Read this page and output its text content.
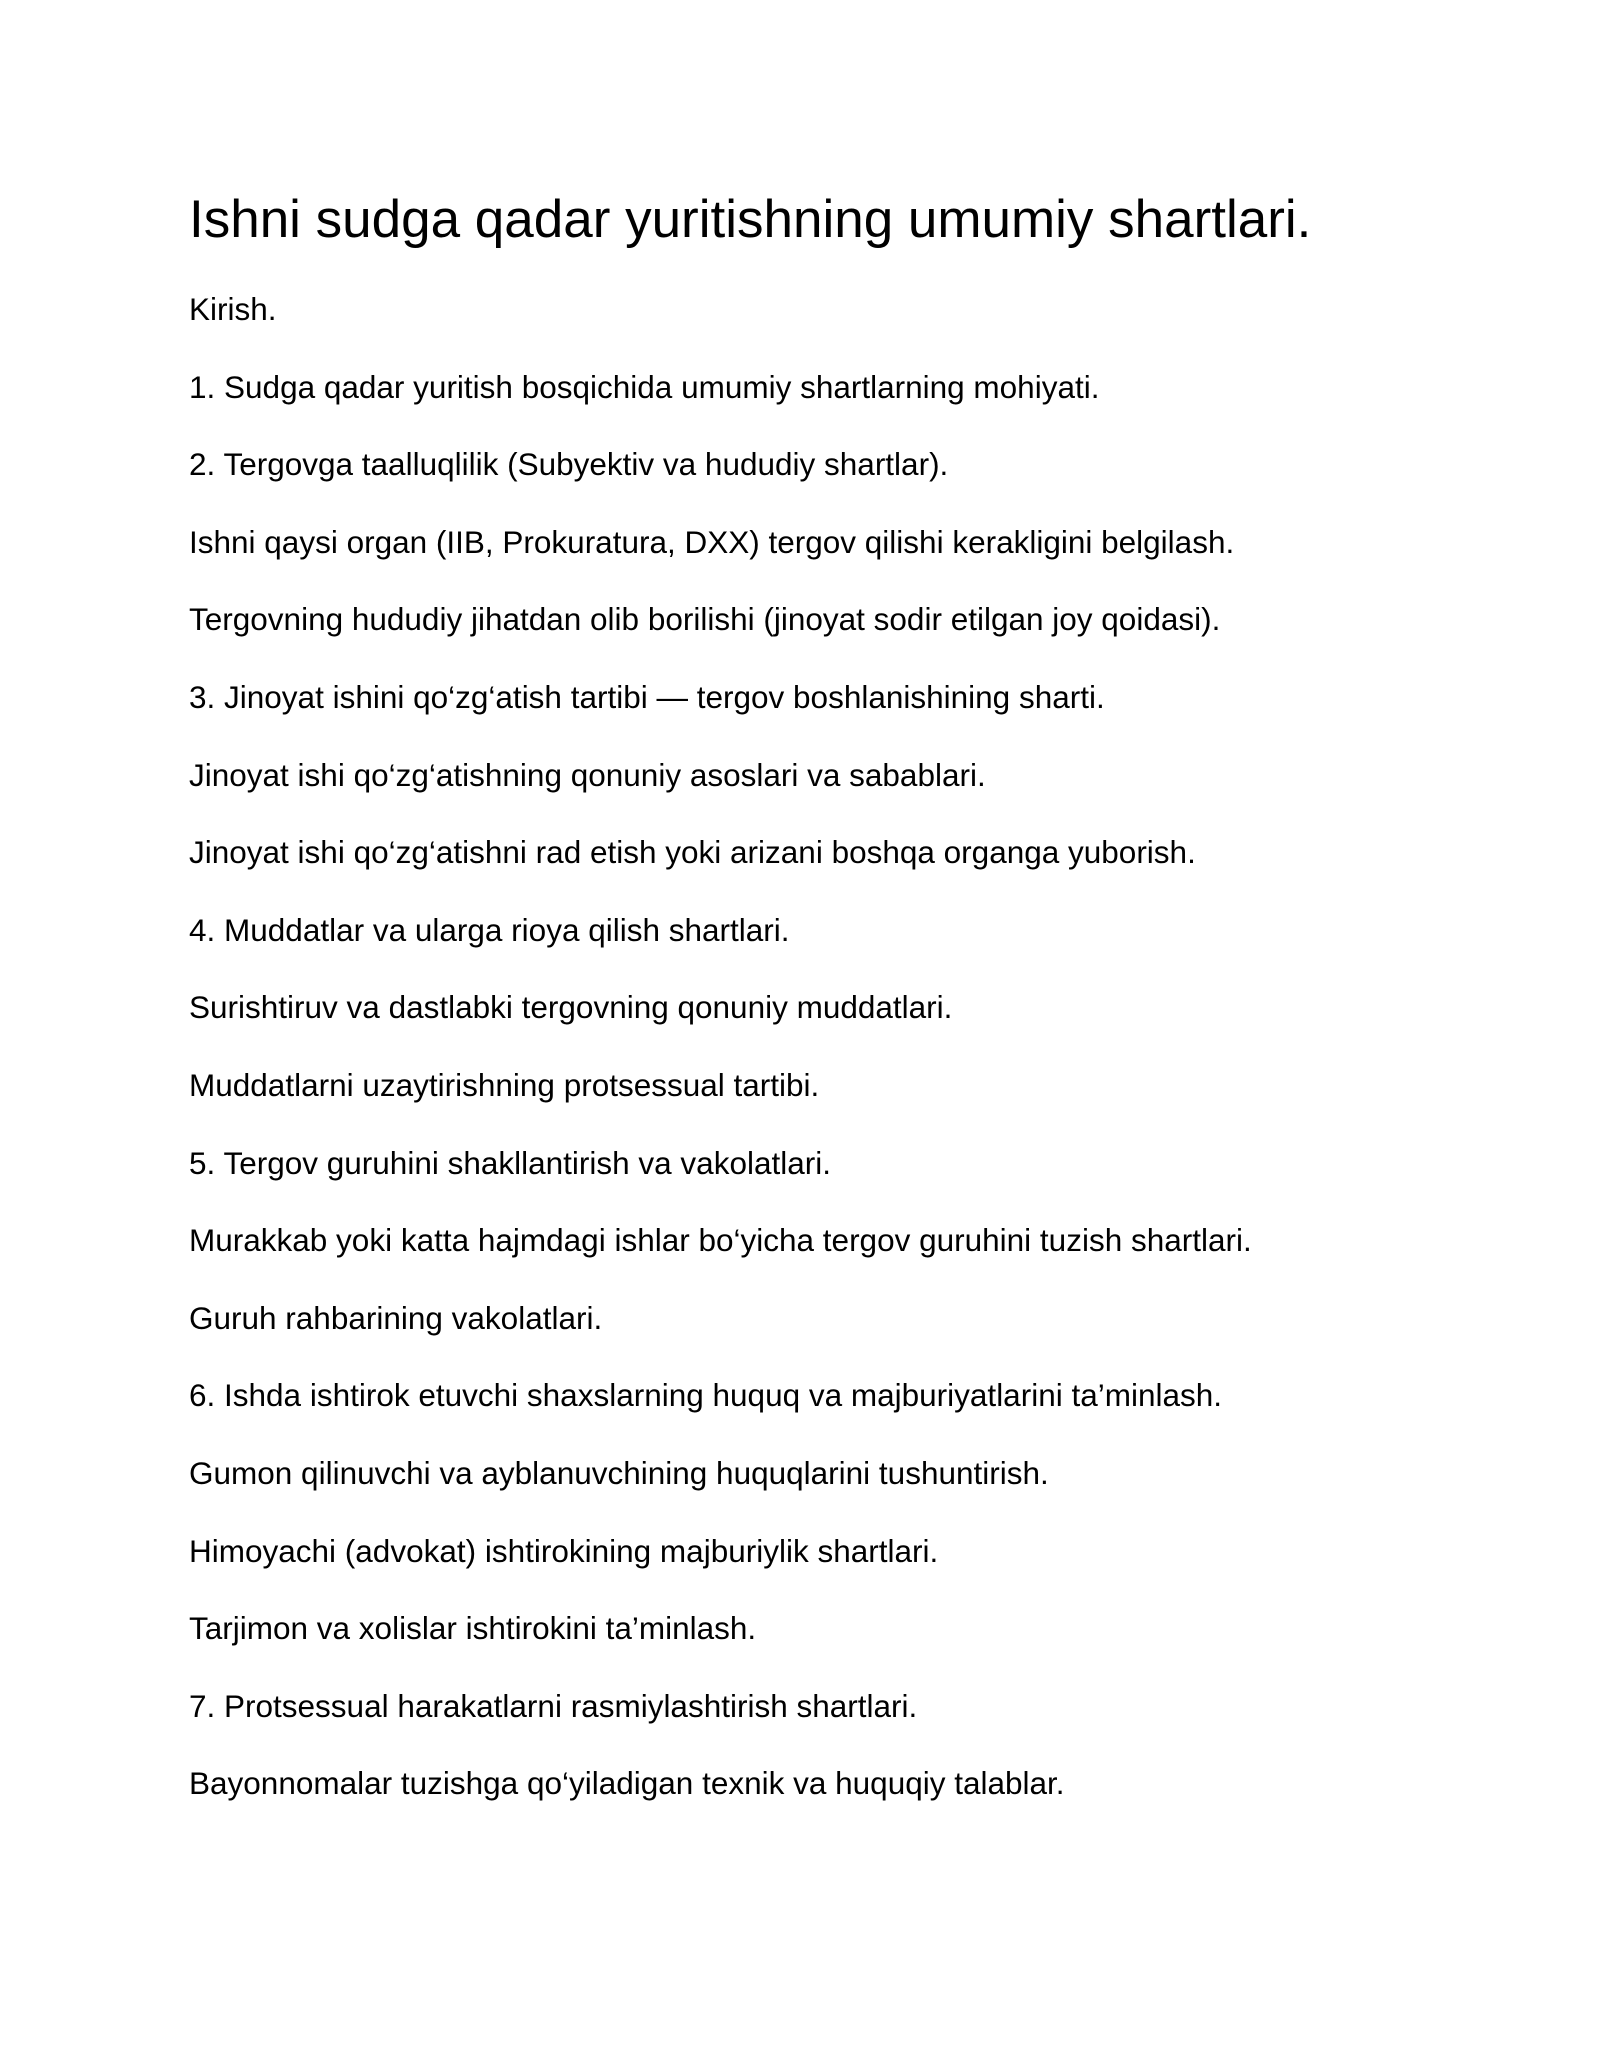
Ishni sudga qadar yuritishning umumiy shartlari.

Kirish.

1. Sudga qadar yuritish bosqichida umumiy shartlarning mohiyati.

2. Tergovga taalluqlilik (Subyektiv va hududiy shartlar).

Ishni qaysi organ (IIB, Prokuratura, DXX) tergov qilishi kerakligini belgilash.

Tergovning hududiy jihatdan olib borilishi (jinoyat sodir etilgan joy qoidasi).

3. Jinoyat ishini qo‘zg‘atish tartibi — tergov boshlanishining sharti.

Jinoyat ishi qo‘zg‘atishning qonuniy asoslari va sabablari.

Jinoyat ishi qo‘zg‘atishni rad etish yoki arizani boshqa organga yuborish.

4. Muddatlar va ularga rioya qilish shartlari.

Surishtiruv va dastlabki tergovning qonuniy muddatlari.

Muddatlarni uzaytirishning protsessual tartibi.

5. Tergov guruhini shakllantirish va vakolatlari.

Murakkab yoki katta hajmdagi ishlar bo‘yicha tergov guruhini tuzish shartlari.

Guruh rahbarining vakolatlari.

6. Ishda ishtirok etuvchi shaxslarning huquq va majburiyatlarini ta’minlash.

Gumon qilinuvchi va ayblanuvchining huquqlarini tushuntirish.

Himoyachi (advokat) ishtirokining majburiylik shartlari.

Tarjimon va xolislar ishtirokini ta’minlash.

7. Protsessual harakatlarni rasmiylashtirish shartlari.

Bayonnomalar tuzishga qo‘yiladigan texnik va huquqiy talablar.
